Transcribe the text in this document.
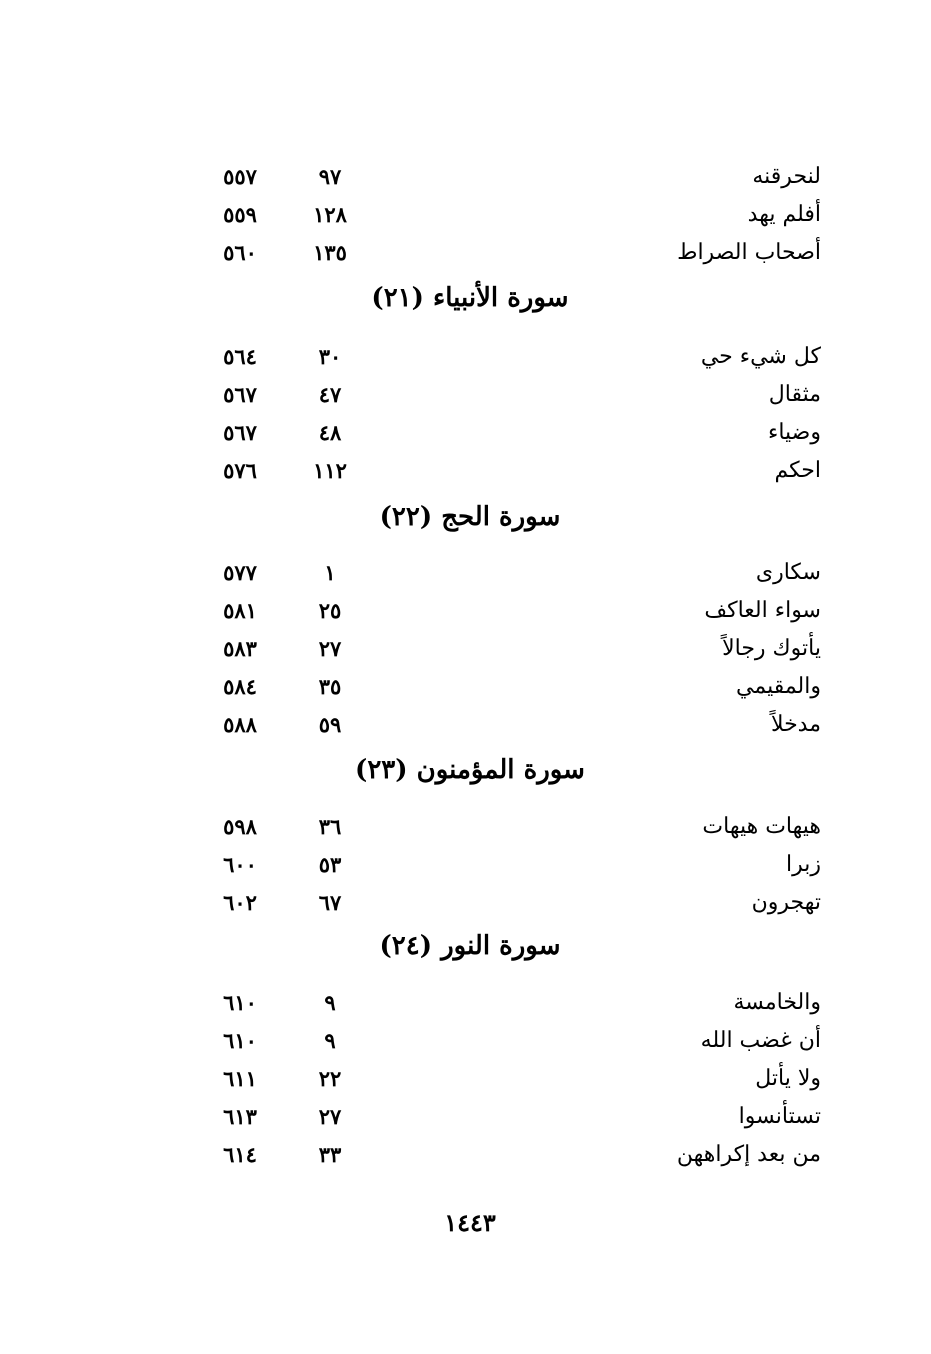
١٤٤٣
لنحرقنه
٩٧
٥٥٧
أفلم يهد
١٢٨
٥٥٩
أصحاب الصراط
١٣٥
٥٦٠
سورة الأنبياء (٢١)
كل شيء حي
٣٠
٥٦٤
مثقال
٤٧
٥٦٧
وضياء
٤٨
٥٦٧
احكم
١١٢
٥٧٦
سورة الحج (٢٢)
سكارى
١
٥٧٧
سواء العاكف
٢٥
٥٨١
يأتوك رجالاً
٢٧
٥٨٣
والمقيمي
٣٥
٥٨٤
مدخلاً
٥٩
٥٨٨
سورة المؤمنون (٢٣)
هيهات هيهات
٣٦
٥٩٨
زبرا
٥٣
٦٠٠
تهجرون
٦٧
٦٠٢
سورة النور (٢٤)
والخامسة
٩
٦١٠
أن غضب الله
٩
٦١٠
ولا يأتل
٢٢
٦١١
تستأنسوا
٢٧
٦١٣
من بعد إكراههن
٣٣
٦١٤
